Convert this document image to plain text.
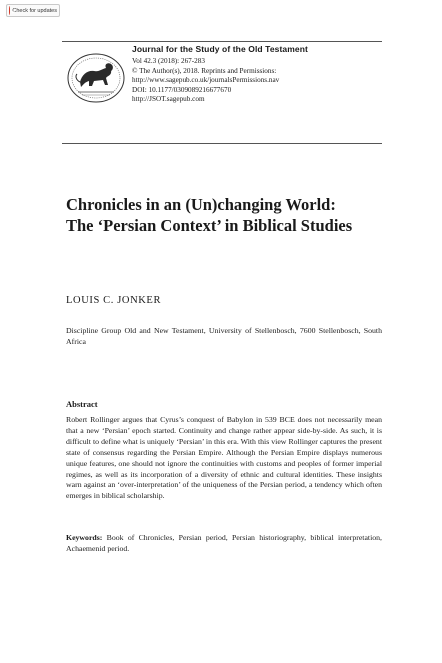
Check for updates
Journal for the Study of the Old Testament
Vol 42.3 (2018): 267-283
© The Author(s), 2018. Reprints and Permissions:
http://www.sagepub.co.uk/journalsPermissions.nav
DOI: 10.1177/0309089216677670
http://JSOT.sagepub.com
Chronicles in an (Un)changing World:
The ‘Persian Context’ in Biblical Studies
LOUIS C. JONKER
Discipline Group Old and New Testament, University of Stellenbosch, 7600 Stellenbosch, South Africa
Abstract

Robert Rollinger argues that Cyrus’s conquest of Babylon in 539 BCE does not necessarily mean that a new ‘Persian’ epoch started. Continuity and change rather appear side-by-side. As such, it is difficult to define what is uniquely ‘Persian’ in this era. With this view Rollinger captures the present state of consensus regarding the Persian Empire. Although the Persian Empire displays numerous unique features, one should not ignore the continuities with customs and peoples of former imperial regimes, as well as its incorporation of a diversity of ethnic and cultural identities. These insights warn against an ‘over-interpretation’ of the uniqueness of the Persian period, a tendency which often emerges in biblical scholarship.

Keywords: Book of Chronicles, Persian period, Persian historiography, biblical interpretation, Achaemenid period.
